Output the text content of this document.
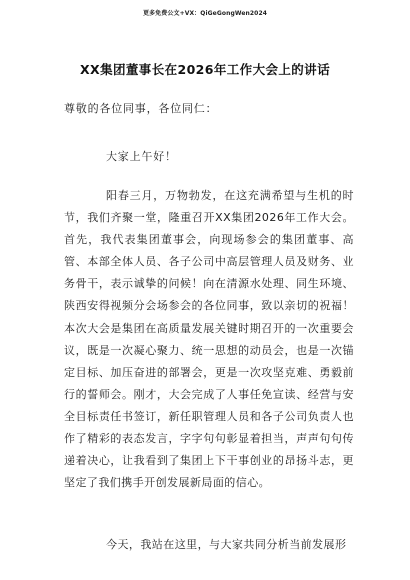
更多免费公文+VX：QiGeGongWen2024
XX集团董事长在2026年工作大会上的讲话
尊敬的各位同事，各位同仁：
大家上午好！

阳春三月，万物勃发，在这充满希望与生机的时节，我们齐聚一堂，隆重召开XX集团2026年工作大会。首先，我代表集团董事会，向现场参会的集团董事、高管、本部全体人员、各子公司中高层管理人员及财务、业务骨干，表示诚挚的问候！向在清源水处理、同生环境、陕西安得视频分会场参会的各位同事，致以亲切的祝福！本次大会是集团在高质量发展关键时期召开的一次重要会议，既是一次凝心聚力、统一思想的动员会，也是一次锚定目标、加压奋进的部署会，更是一次攻坚克难、勇毅前行的誓师会。刚才，大会完成了人事任免宣读、经营与安全目标责任书签订，新任职管理人员和各子公司负责人也作了精彩的表态发言，字字句句彰显着担当，声声句句传递着决心，让我看到了集团上下干事创业的昂扬斗志，更坚定了我们携手开创发展新局面的信心。

今天，我站在这里，与大家共同分析当前发展形
